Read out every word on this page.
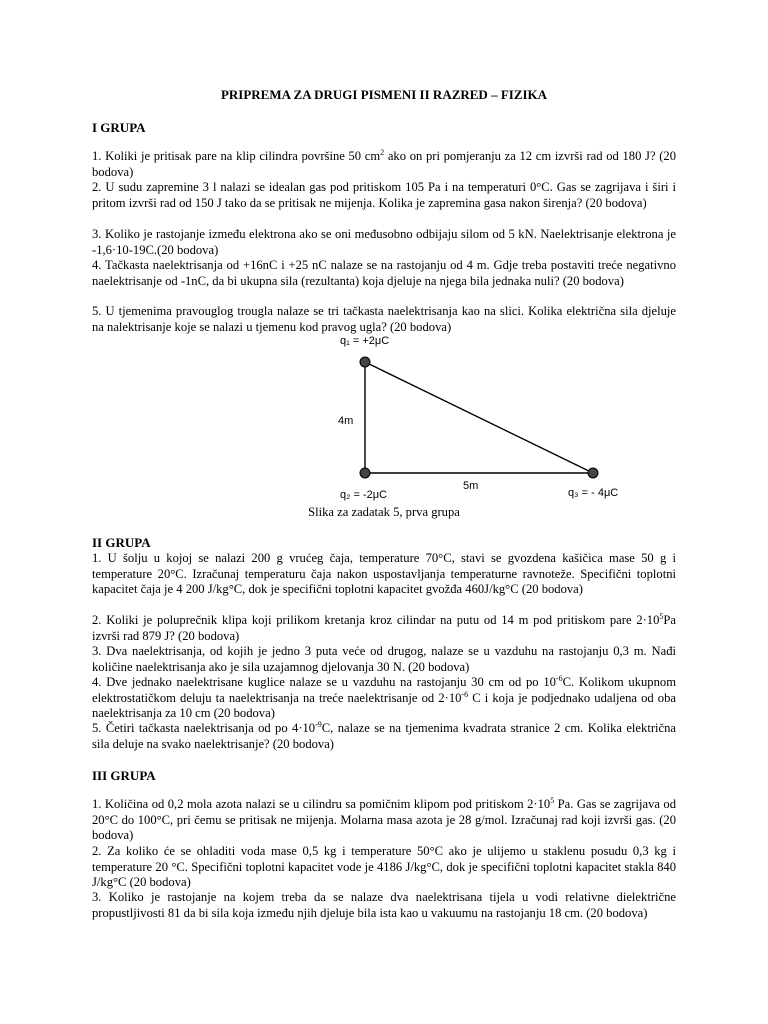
PRIPREMA ZA DRUGI PISMENI II RAZRED – FIZIKA
I GRUPA

1. Koliki je pritisak pare na klip cilindra površine 50 $cm^2$ ako on pri pomjeranju za 12 cm izvrši rad od 180 J? (20 bodova)

2. U sudu zapremine 3 l nalazi se idealan gas pod pritiskom 105 Pa i na temperaturi 0°C. Gas se zagrijava i širi i pritom izvrši rad od 150 J tako da se pritisak ne mijenja. Kolika je zapremina gasa nakon širenja? (20 bodova)

3. Koliko je rastojanje između elektrona ako se oni međusobno odbijaju silom od 5 kN. Naelektrisanje elektrona je -1,6·10-19C.(20 bodova)

4. Tačkasta naelektrisanja od +16nC i +25 nC nalaze se na rastojanju od 4 m. Gdje treba postaviti treće negativno naelektrisanje od -1nC, da bi ukupna sila (rezultanta) koja djeluje na njega bila jednaka nuli? (20 bodova)

5. U tjemenima pravouglog trougla nalaze se tri tačkasta naelektrisanja kao na slici. Kolika električna sila djeluje na nalektrisanje koje se nalazi u tjemenu kod pravog ugla? (20 bodova)

q₁ = +2μC
4m
5m
q₂ = -2μC	q₃ = - 4μC
Slika za zadatak 5, prva grupa
II GRUPA

1. U šolju u kojoj se nalazi 200 g vrućeg čaja, temperature 70°C, stavi se gvozdena kašičica mase 50 g i temperature 20°C. Izračunaj temperaturu čaja nakon uspostavljanja temperaturne ravnoteže. Specifični toplotni kapacitet čaja je 4 200 J/kg°C, dok je specifični toplotni kapacitet gvožđa 460J/kg°C (20 bodova)

2. Koliki je poluprečnik klipa koji prilikom kretanja kroz cilindar na putu od 14 m pod pritiskom pare $2\cdot 10^5Pa$ izvrši rad 879 J? (20 bodova)

3. Dva naelektrisanja, od kojih je jedno 3 puta veće od drugog, nalaze se u vazduhu na rastojanju 0,3 m. Nađi količine naelektrisanja ako je sila uzajamnog djelovanja 30 N. (20 bodova)

4. Dve jednako naelektrisane kuglice nalaze se u vazduhu na rastojanju 30 cm od po $10^{-6}C$. Kolikom ukupnom elektrostatičkom deluju ta naelektrisanja na treće naelektrisanje od $2\cdot 10^{-6}$ C i koja je podjednako udaljena od oba naelektrisanja za 10 cm (20 bodova)

5. Četiri tačkasta naelektrisanja od po $4\cdot 10^{-9}C$, nalaze se na tjemenima kvadrata stranice 2 cm. Kolika električna sila deluje na svako naelektrisanje? (20 bodova)

III GRUPA

1. Količina od 0,2 mola azota nalazi se u cilindru sa pomičnim klipom pod pritiskom $2\cdot 10^5$ Pa. Gas se zagrijava od 20°C do 100°C, pri čemu se pritisak ne mijenja. Molarna masa azota je 28 g/mol. Izračunaj rad koji izvrši gas. (20 bodova)

2. Za koliko će se ohladiti voda mase 0,5 kg i temperature 50°C ako je ulijemo u staklenu posudu 0,3 kg i temperature 20 °C. Specifični toplotni kapacitet vode je 4186 J/kg°C, dok je specifični toplotni kapacitet stakla 840 J/kg°C (20 bodova)

3. Koliko je rastojanje na kojem treba da se nalaze dva naelektrisana tijela u vodi relativne dielektrične propustljivosti 81 da bi sila koja između njih djeluje bila ista kao u vakuumu na rastojanju 18 cm. (20 bodova)
